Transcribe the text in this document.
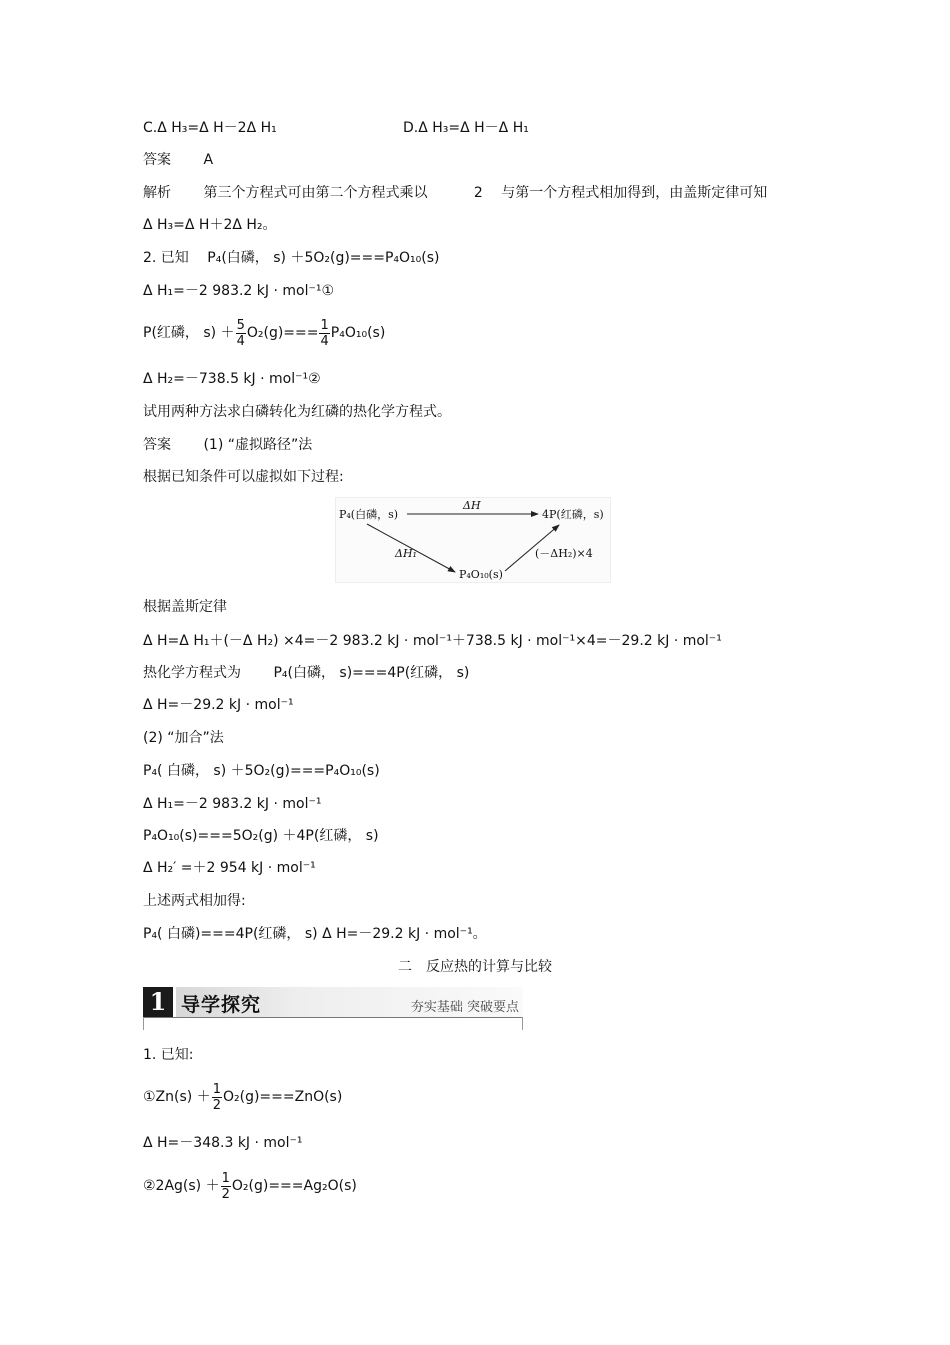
C.Δ H₃=Δ H－2Δ H₁	D.Δ H₃=Δ H－Δ H₁
答案 A
解析 第三个方程式可由第二个方程式乘以	2 与第一个方程式相加得到，由盖斯定律可知
Δ H₃=Δ H＋2Δ H₂。
2. 已知 P₄(白磷， s) ＋5O₂(g)===P₄O₁₀(s)
Δ H₁=－2 983.2 kJ · mol⁻¹①
P(红磷， $s) + \frac{5}{4} O_2(g)=== \frac{1}{4} P_4O_{10}(s)$
Δ H₂=－738.5 kJ · mol⁻¹②
试用两种方法求白磷转化为红磷的热化学方程式。
答案 (1) “虚拟路径”法
根据已知条件可以虚拟如下过程:
P₄(白磷，s)	4P(红磷，s)
P₄O₁₀(s)
ΔH
ΔH₁	(－ΔH₂)×4
根据盖斯定律
Δ H=Δ H₁＋(－Δ H₂) ×4=－2 983.2 kJ · mol⁻¹＋738.5 kJ · mol⁻¹×4=－29.2 kJ · mol⁻¹
热化学方程式为 P₄(白磷， s)===4P(红磷， s)
Δ H=－29.2 kJ · mol⁻¹
(2) “加合”法
P₄( 白磷， s) ＋5O₂(g)===P₄O₁₀(s)
Δ H₁=－2 983.2 kJ · mol⁻¹
P₄O₁₀(s)===5O₂(g) ＋4P(红磷， s)
Δ H₂′ =＋2 954 kJ · mol⁻¹
上述两式相加得:
P₄( 白磷)===4P(红磷， s) Δ H=－29.2 kJ · mol⁻¹。
二　反应热的计算与比较
1 导学探究	夯实基础 突破要点
1. 已知:
①Zn(s) ＋ $\frac{1}{2} O_2(g)===ZnO(s)$
Δ H=－348.3 kJ · mol⁻¹
②2Ag(s) ＋ $\frac{1}{2} O_2(g)===Ag_2O(s)$
